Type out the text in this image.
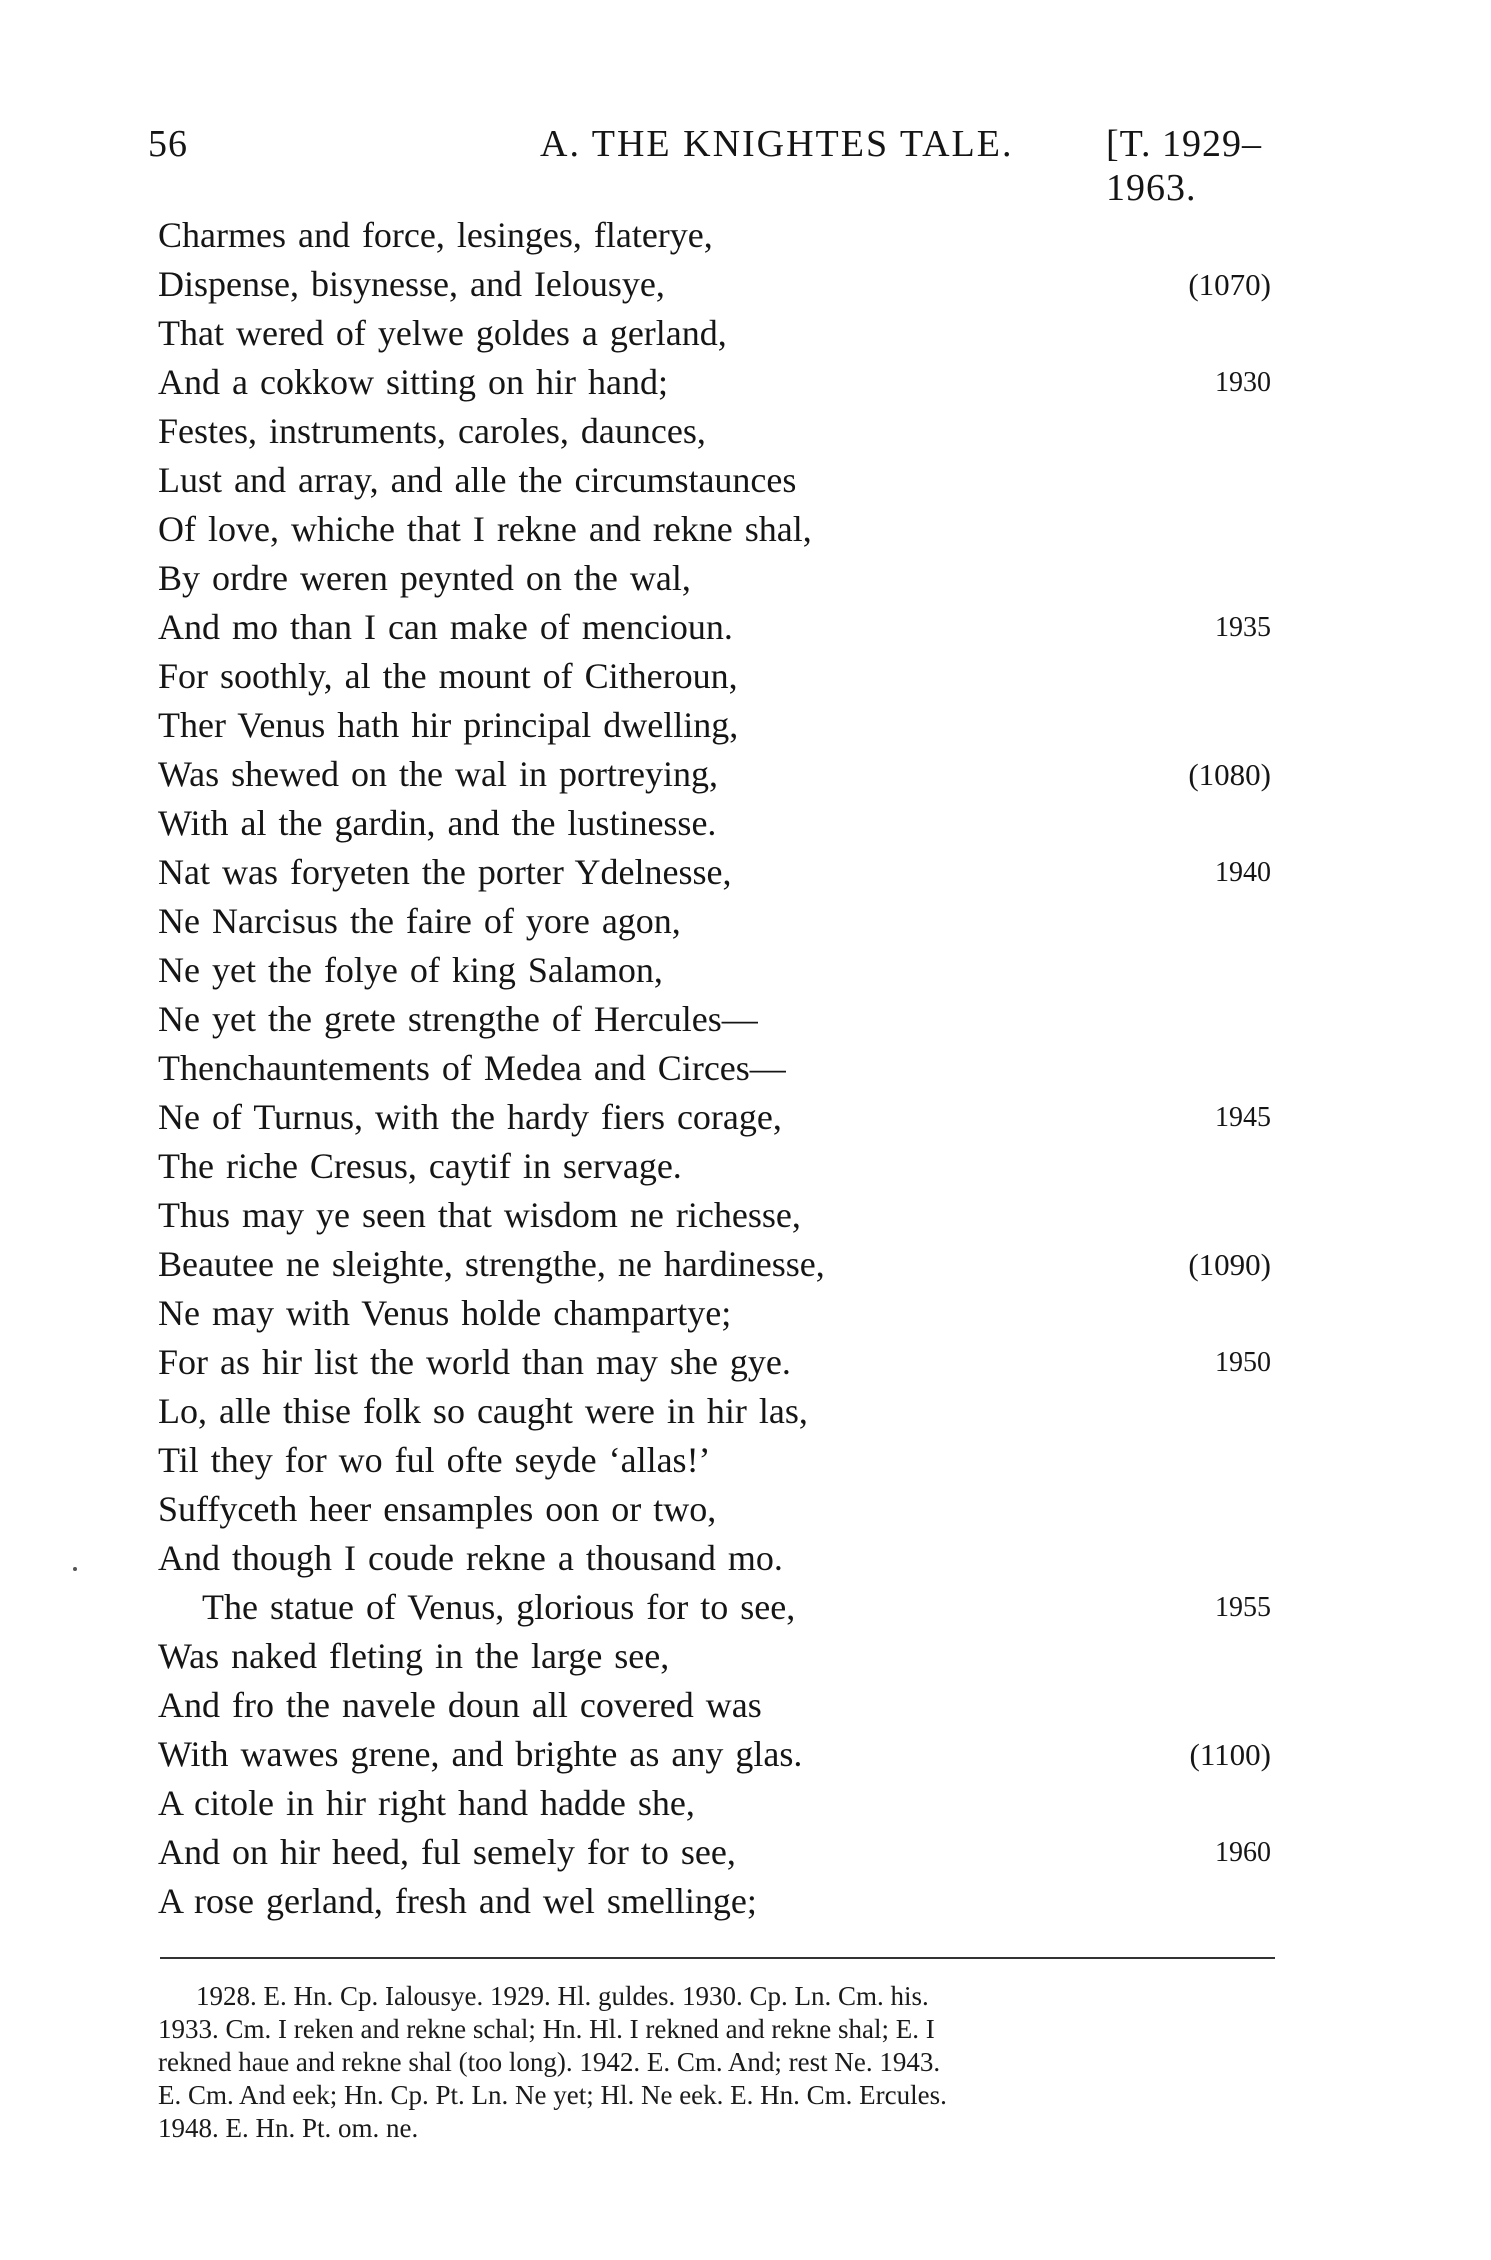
56	A. THE KNIGHTES TALE. [T. 1929–1963.
Charmes and force, lesinges, flaterye,
Dispense, bisynesse, and Ielousye,	(1070)
That wered of yelwe goldes a gerland,
And a cokkow sitting on hir hand;	1930
Festes, instruments, caroles, daunces,
Lust and array, and alle the circumstaunces
Of love, whiche that I rekne and rekne shal,
By ordre weren peynted on the wal,
And mo than I can make of mencioun.	1935
For soothly, al the mount of Citheroun,
Ther Venus hath hir principal dwelling,
Was shewed on the wal in portreying,	(1080)
With al the gardin, and the lustinesse.
Nat was foryeten the porter Ydelnesse,	1940
Ne Narcisus the faire of yore agon,
Ne yet the folye of king Salamon,
Ne yet the grete strengthe of Hercules—
Thenchauntements of Medea and Circes—
Ne of Turnus, with the hardy fiers corage,	1945
The riche Cresus, caytif in servage.
Thus may ye seen that wisdom ne richesse,
Beautee ne sleighte, strengthe, ne hardinesse,	(1090)
Ne may with Venus holde champartye;
For as hir list the world than may she gye.	1950
Lo, alle thise folk so caught were in hir las,
Til they for wo ful ofte seyde ‘allas!’
Suffyceth heer ensamples oon or two,
And though I coude rekne a thousand mo.
The statue of Venus, glorious for to see,	1955
Was naked fleting in the large see,
And fro the navele doun all covered was
With wawes grene, and brighte as any glas.	(1100)
A citole in hir right hand hadde she,
And on hir heed, ful semely for to see,	1960
A rose gerland, fresh and wel smellinge;
1928. E. Hn. Cp. Ialousye. 1929. Hl. guldes. 1930. Cp. Ln. Cm. his.
1933. Cm. I reken and rekne schal; Hn. Hl. I rekned and rekne shal; E. I
rekned haue and rekne shal (too long). 1942. E. Cm. And; rest Ne. 1943.
E. Cm. And eek; Hn. Cp. Pt. Ln. Ne yet; Hl. Ne eek. E. Hn. Cm. Ercules.
1948. E. Hn. Pt. om. ne.
